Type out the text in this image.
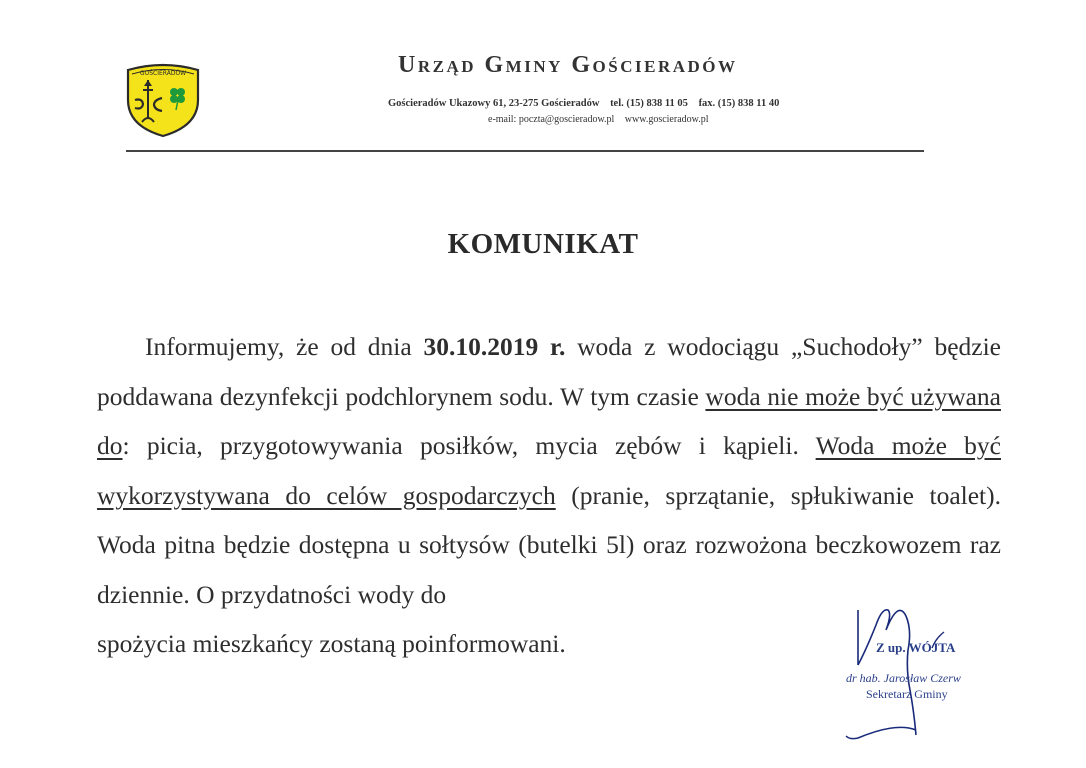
GOŚCIERADÓW	Urząd Gminy Gościeradów
Gościeradów Ukazowy 61, 23-275 Gościeradów tel. (15) 838 11 05 fax. (15) 838 11 40
e-mail: poczta@goscieradow.pl www.goscieradow.pl
KOMUNIKAT
Informujemy, że od dnia 30.10.2019 r. woda z wodociągu „Suchodoły” będzie poddawana dezynfekcji podchlorynem sodu. W tym czasie woda nie może być używana do: picia, przygotowywania posiłków, mycia zębów i kąpieli. Woda może być wykorzystywana do celów gospodarczych (pranie, sprzątanie, spłukiwanie toalet). Woda pitna będzie dostępna u sołtysów (butelki 5l) oraz rozwożona beczkowozem raz dziennie. O przydatności wody do
spożycia mieszkańcy zostaną poinformowani.	Z up. WÓJTA
dr hab. Jarosław Czerw
Sekretarz Gminy
